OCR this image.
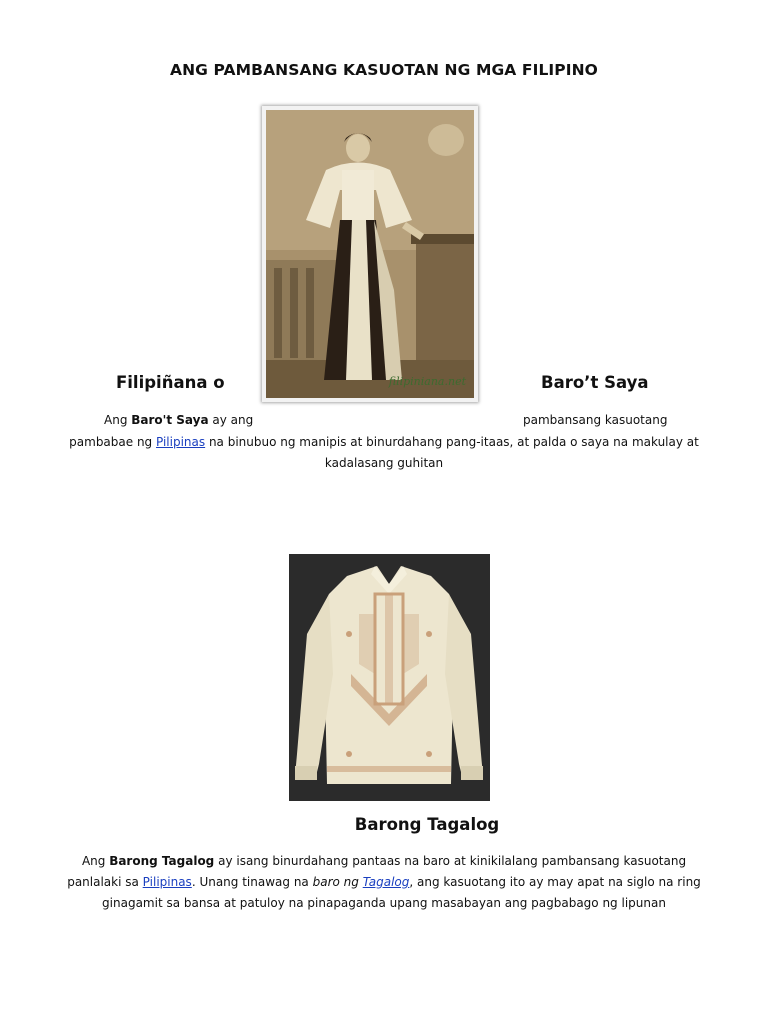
ANG PAMBANSANG KASUOTAN NG MGA FILIPINO
filipiniana.net
Filipiñana o	Baro’t Saya
Ang Baro't Saya ay ang	pambansang kasuotang
pambabae ng Pilipinas na binubuo ng manipis at binurdahang pang-itaas, at palda o saya na makulay at
kadalasang guhitan
Barong Tagalog
Ang Barong Tagalog ay isang binurdahang pantaas na baro at kinikilalang pambansang kasuotang
panlalaki sa Pilipinas. Unang tinawag na baro ng Tagalog, ang kasuotang ito ay may apat na siglo na ring
ginagamit sa bansa at patuloy na pinapaganda upang masabayan ang pagbabago ng lipunan
